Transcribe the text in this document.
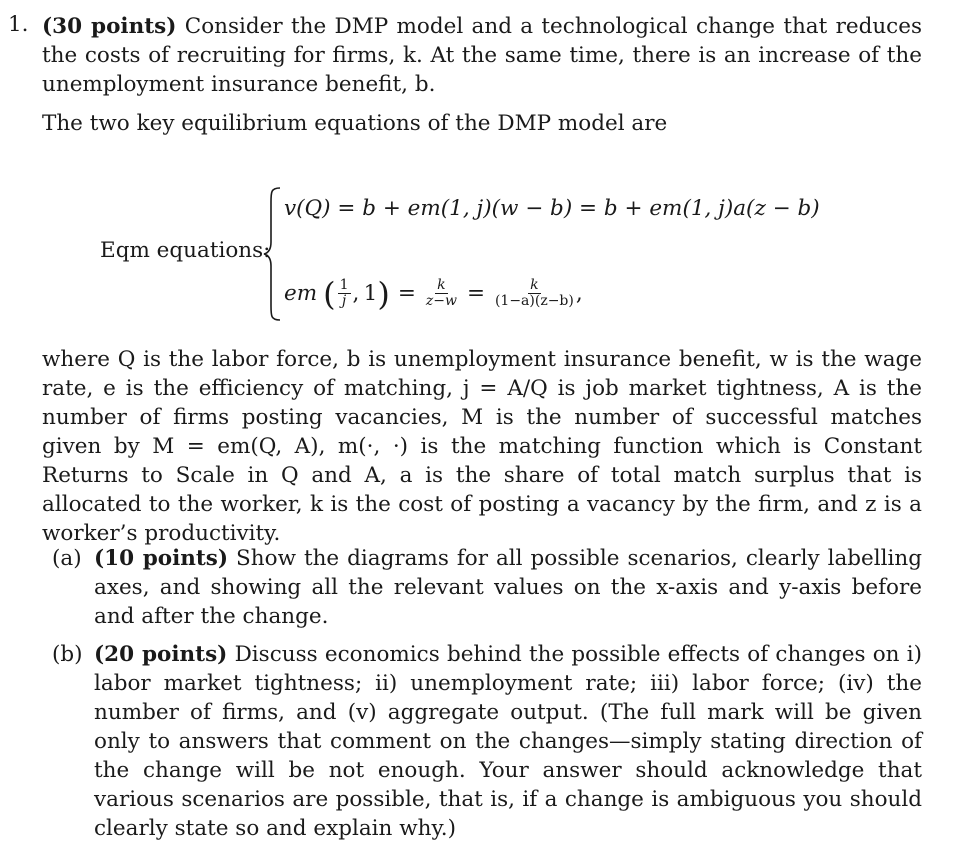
1. (30 points) Consider the DMP model and a technological change that reduces the costs of recruiting for firms, k. At the same time, there is an increase of the unemployment insurance benefit, b.
The two key equilibrium equations of the DMP model are
Eqm equations:
v(Q) = b + em(1, j)(w − b) = b + em(1, j)a(z − b)
em ( 1
j , 1 ) = $\frac{k}{z-w} = \frac{k}{(1-a)(z-b)}$ ,
where Q is the labor force, b is unemployment insurance benefit, w is the wage rate, e is the efficiency of matching, j = A/Q is job market tightness, A is the number of firms posting vacancies, M is the number of successful matches given by M = em(Q, A), m(·, ·) is the matching function which is Constant Returns to Scale in Q and A, a is the share of total match surplus that is allocated to the worker, k is the cost of posting a vacancy by the firm, and z is a worker’s productivity.
(a) (10 points) Show the diagrams for all possible scenarios, clearly labelling axes, and showing all the relevant values on the x-axis and y-axis before and after the change.
(b) (20 points) Discuss economics behind the possible effects of changes on i) labor market tightness; ii) unemployment rate; iii) labor force; (iv) the number of firms, and (v) aggregate output. (The full mark will be given only to answers that comment on the changes—simply stating direction of the change will be not enough. Your answer should acknowledge that various scenarios are possible, that is, if a change is ambiguous you should clearly state so and explain why.)
